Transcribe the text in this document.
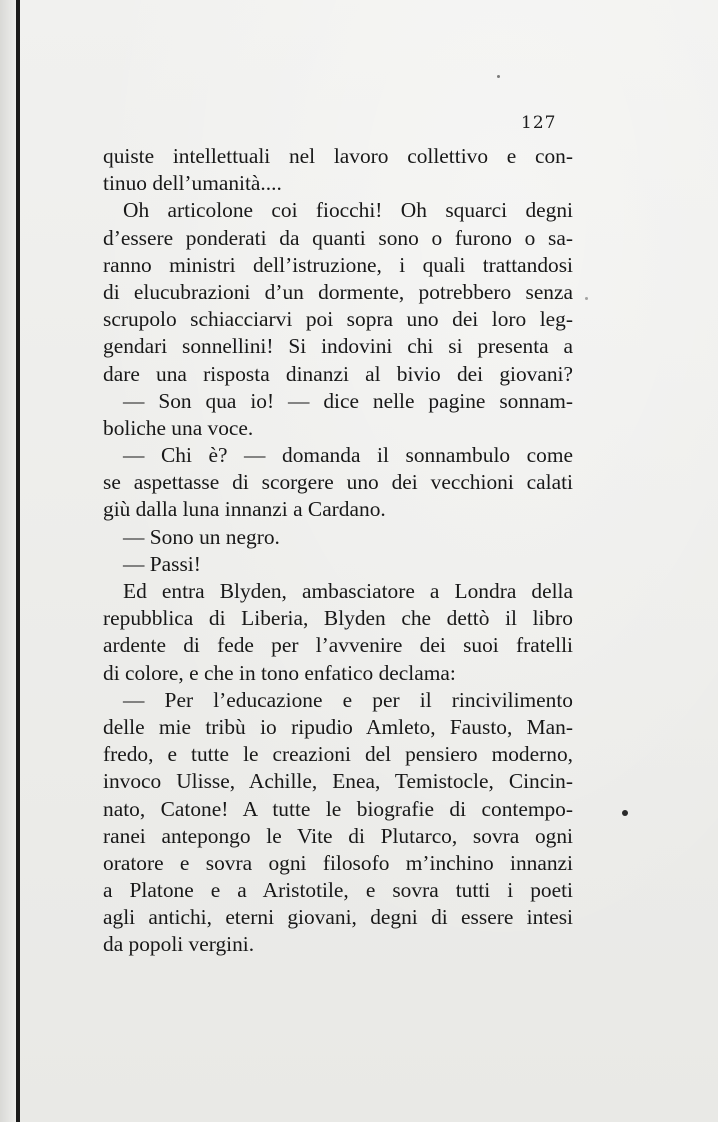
127
quiste intellettuali nel lavoro collettivo e con-
tinuo dell’umanità....
Oh articolone coi fiocchi! Oh squarci degni
d’essere ponderati da quanti sono o furono o sa-
ranno ministri dell’istruzione, i quali trattandosi
di elucubrazioni d’un dormente, potrebbero senza
scrupolo schiacciarvi poi sopra uno dei loro leg-
gendari sonnellini! Si indovini chi si presenta a
dare una risposta dinanzi al bivio dei giovani?
— Son qua io! — dice nelle pagine sonnam-
boliche una voce.
— Chi è? — domanda il sonnambulo come
se aspettasse di scorgere uno dei vecchioni calati
giù dalla luna innanzi a Cardano.
— Sono un negro.
— Passi!
Ed entra Blyden, ambasciatore a Londra della
repubblica di Liberia, Blyden che dettò il libro
ardente di fede per l’avvenire dei suoi fratelli
di colore, e che in tono enfatico declama:
— Per l’educazione e per il rincivilimento
delle mie tribù io ripudio Amleto, Fausto, Man-
fredo, e tutte le creazioni del pensiero moderno,
invoco Ulisse, Achille, Enea, Temistocle, Cincin-
nato, Catone! A tutte le biografie di contempo-
ranei antepongo le Vite di Plutarco, sovra ogni
oratore e sovra ogni filosofo m’inchino innanzi
a Platone e a Aristotile, e sovra tutti i poeti
agli antichi, eterni giovani, degni di essere intesi
da popoli vergini.
